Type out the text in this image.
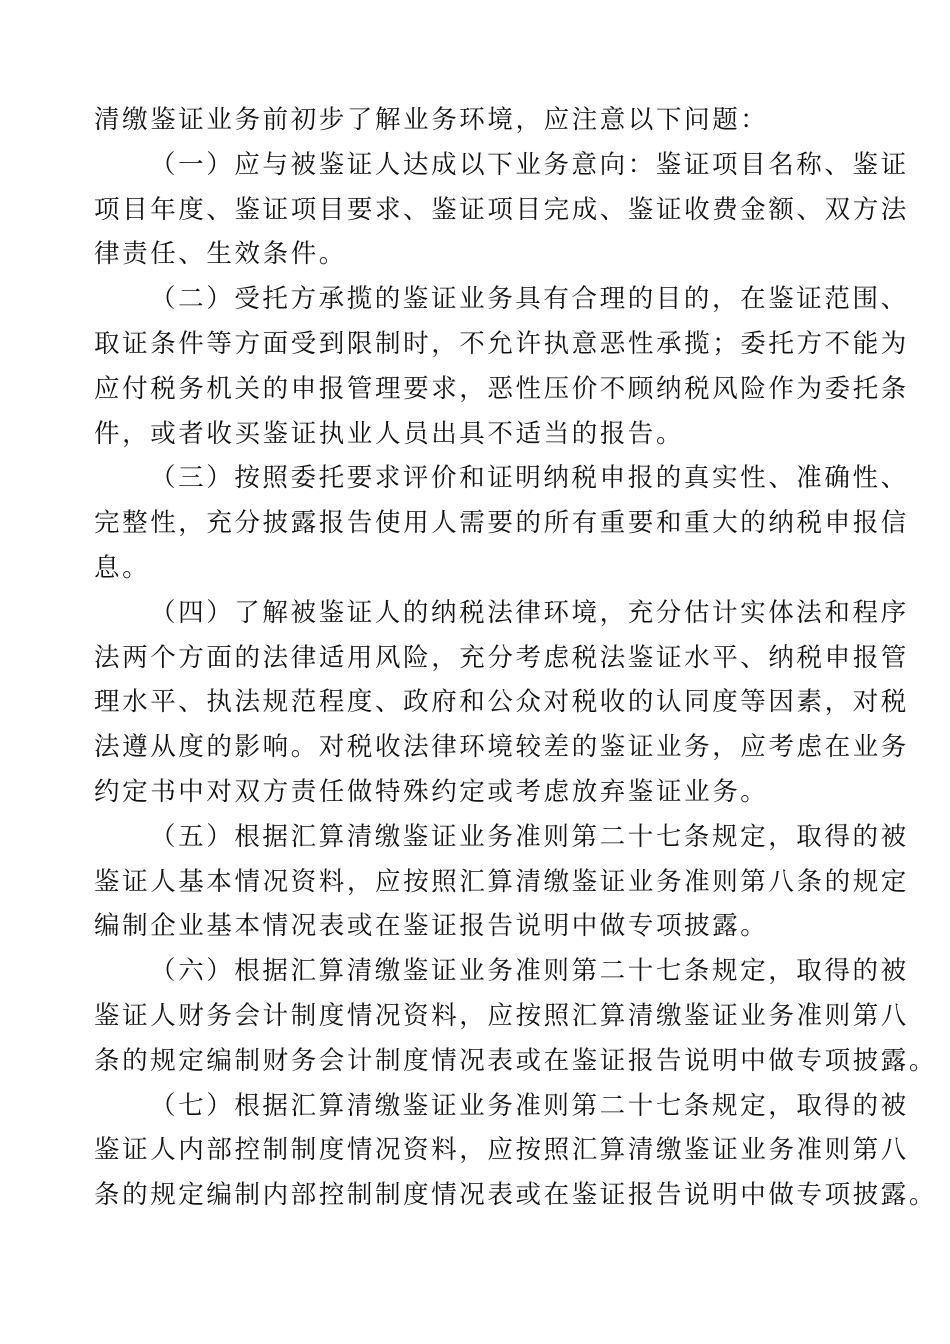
清缴鉴证业务前初步了解业务环境，应注意以下问题：
（一）应与被鉴证人达成以下业务意向：鉴证项目名称、鉴证
项目年度、鉴证项目要求、鉴证项目完成、鉴证收费金额、双方法
律责任、生效条件。
（二）受托方承揽的鉴证业务具有合理的目的，在鉴证范围、
取证条件等方面受到限制时，不允许执意恶性承揽；委托方不能为
应付税务机关的申报管理要求，恶性压价不顾纳税风险作为委托条
件，或者收买鉴证执业人员出具不适当的报告。
（三）按照委托要求评价和证明纳税申报的真实性、准确性、
完整性，充分披露报告使用人需要的所有重要和重大的纳税申报信
息。
（四）了解被鉴证人的纳税法律环境，充分估计实体法和程序
法两个方面的法律适用风险，充分考虑税法鉴证水平、纳税申报管
理水平、执法规范程度、政府和公众对税收的认同度等因素，对税
法遵从度的影响。对税收法律环境较差的鉴证业务，应考虑在业务
约定书中对双方责任做特殊约定或考虑放弃鉴证业务。
（五）根据汇算清缴鉴证业务准则第二十七条规定，取得的被
鉴证人基本情况资料，应按照汇算清缴鉴证业务准则第八条的规定
编制企业基本情况表或在鉴证报告说明中做专项披露。
（六）根据汇算清缴鉴证业务准则第二十七条规定，取得的被
鉴证人财务会计制度情况资料，应按照汇算清缴鉴证业务准则第八
条的规定编制财务会计制度情况表或在鉴证报告说明中做专项披露。
（七）根据汇算清缴鉴证业务准则第二十七条规定，取得的被
鉴证人内部控制制度情况资料，应按照汇算清缴鉴证业务准则第八
条的规定编制内部控制制度情况表或在鉴证报告说明中做专项披露。
